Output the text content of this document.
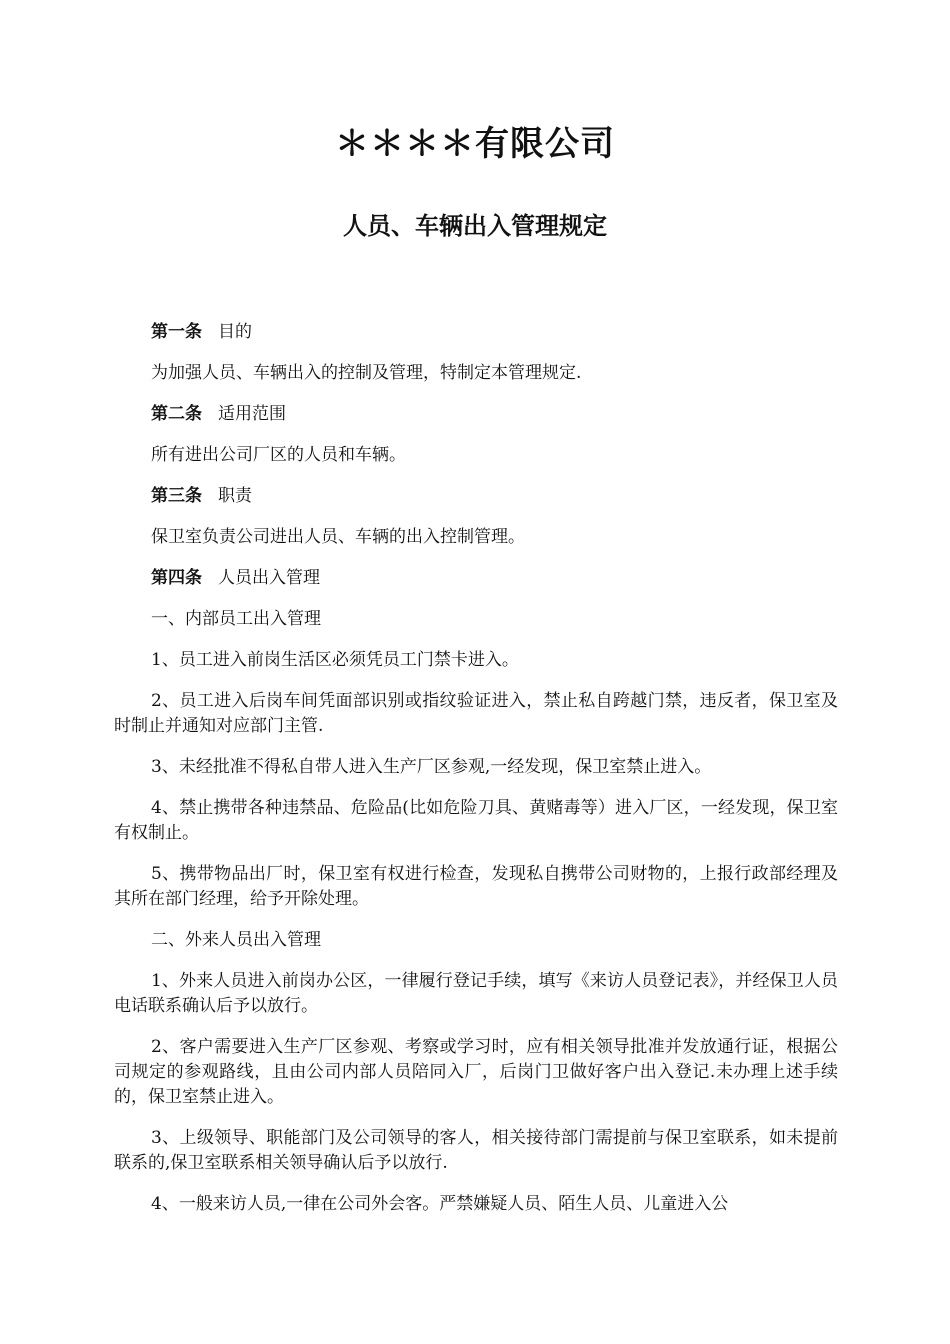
＊＊＊＊有限公司
人员、车辆出入管理规定
第一条 目的

为加强人员、车辆出入的控制及管理，特制定本管理规定.

第二条 适用范围

所有进出公司厂区的人员和车辆。

第三条 职责

保卫室负责公司进出人员、车辆的出入控制管理。

第四条 人员出入管理

一、内部员工出入管理

1、员工进入前岗生活区必须凭员工门禁卡进入。

2、员工进入后岗车间凭面部识别或指纹验证进入，禁止私自跨越门禁，违反者，保卫室及时制止并通知对应部门主管.

3、未经批准不得私自带人进入生产厂区参观,一经发现，保卫室禁止进入。

4、禁止携带各种违禁品、危险品(比如危险刀具、黄赌毒等）进入厂区，一经发现，保卫室有权制止。

5、携带物品出厂时，保卫室有权进行检查，发现私自携带公司财物的，上报行政部经理及其所在部门经理，给予开除处理。

二、外来人员出入管理

1、外来人员进入前岗办公区，一律履行登记手续，填写《来访人员登记表》，并经保卫人员电话联系确认后予以放行。

2、客户需要进入生产厂区参观、考察或学习时，应有相关领导批准并发放通行证，根据公司规定的参观路线，且由公司内部人员陪同入厂，后岗门卫做好客户出入登记.未办理上述手续的，保卫室禁止进入。

3、上级领导、职能部门及公司领导的客人，相关接待部门需提前与保卫室联系，如未提前联系的,保卫室联系相关领导确认后予以放行.

4、一般来访人员,一律在公司外会客。严禁嫌疑人员、陌生人员、儿童进入公
